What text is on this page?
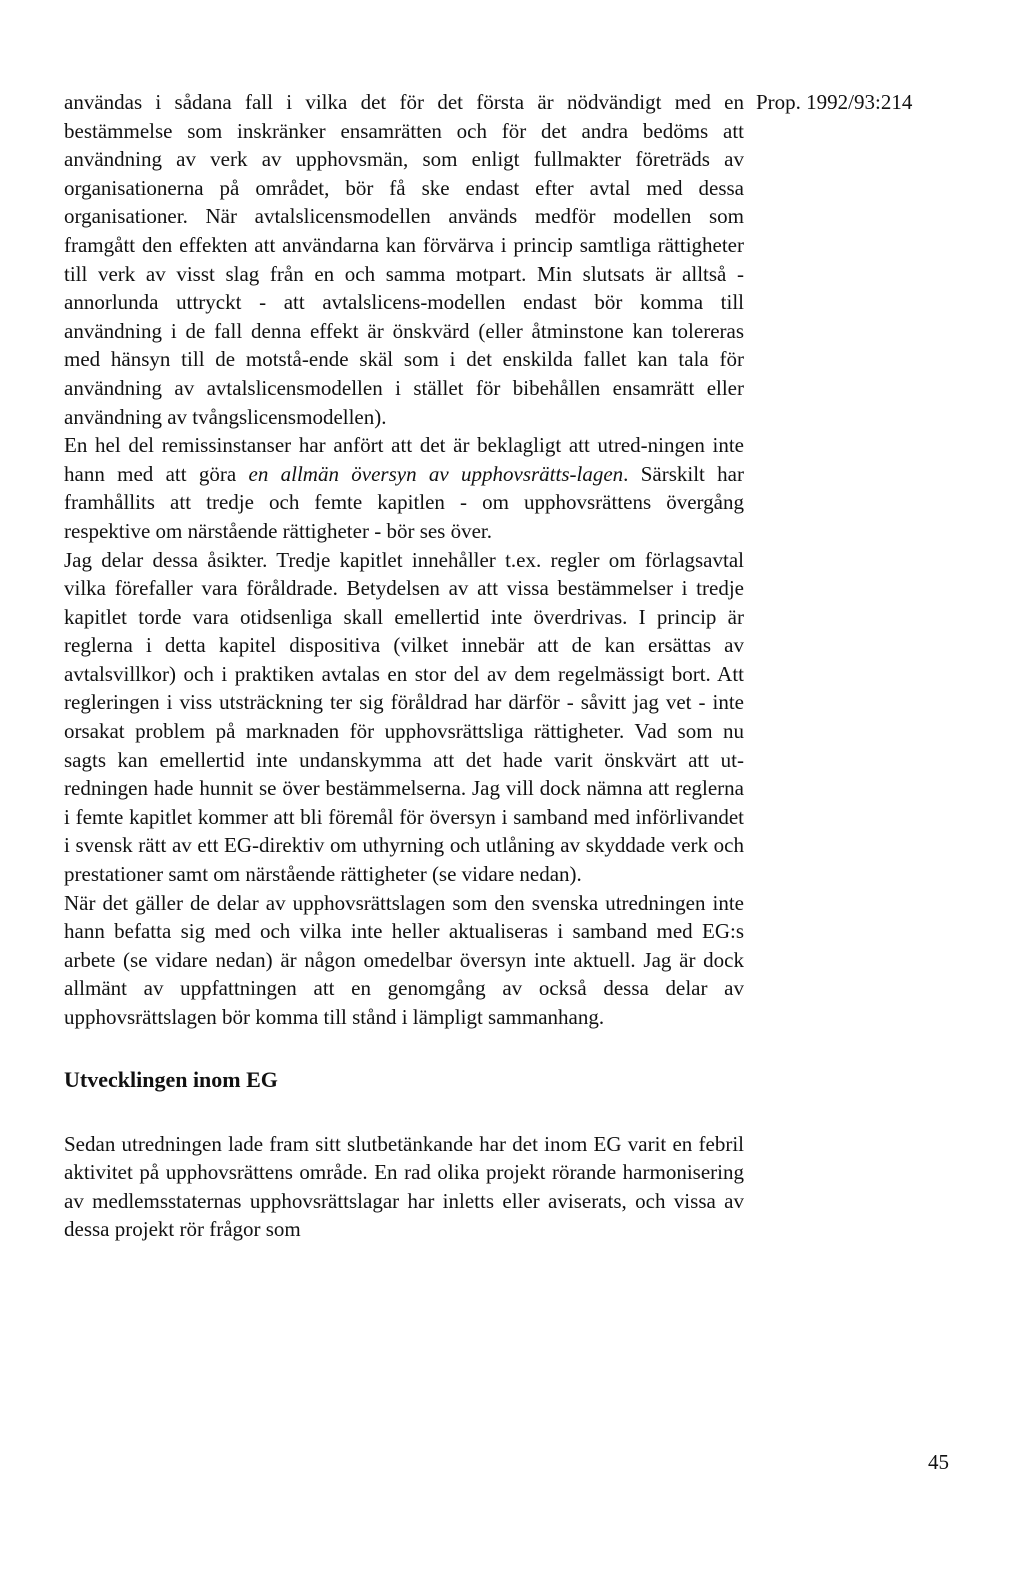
Prop. 1992/93:214

användas i sådana fall i vilka det för det första är nödvändigt med en bestämmelse som inskränker ensamrätten och för det andra bedöms att användning av verk av upphovsmän, som enligt fullmakter företräds av organisationerna på området, bör få ske endast efter avtal med dessa organisationer. När avtalslicensmodellen används medför modellen som framgått den effekten att användarna kan förvärva i princip samtliga rättigheter till verk av visst slag från en och samma motpart. Min slutsats är alltså - annorlunda uttryckt - att avtalslicens-modellen endast bör komma till användning i de fall denna effekt är önskvärd (eller åtminstone kan tolereras med hänsyn till de motstå-ende skäl som i det enskilda fallet kan tala för användning av avtalslicensmodellen i stället för bibehållen ensamrätt eller användning av tvångslicensmodellen).

En hel del remissinstanser har anfört att det är beklagligt att utred-ningen inte hann med att göra en allmän översyn av upphovsrätts-lagen. Särskilt har framhållits att tredje och femte kapitlen - om upphovsrättens övergång respektive om närstående rättigheter - bör ses över.

Jag delar dessa åsikter. Tredje kapitlet innehåller t.ex. regler om förlagsavtal vilka förefaller vara föråldrade. Betydelsen av att vissa bestämmelser i tredje kapitlet torde vara otidsenliga skall emellertid inte överdrivas. I princip är reglerna i detta kapitel dispositiva (vilket innebär att de kan ersättas av avtalsvillkor) och i praktiken avtalas en stor del av dem regelmässigt bort. Att regleringen i viss utsträckning ter sig föråldrad har därför - såvitt jag vet - inte orsakat problem på marknaden för upphovsrättsliga rättigheter. Vad som nu sagts kan emellertid inte undanskymma att det hade varit önskvärt att ut-redningen hade hunnit se över bestämmelserna. Jag vill dock nämna att reglerna i femte kapitlet kommer att bli föremål för översyn i samband med införlivandet i svensk rätt av ett EG-direktiv om uthyrning och utlåning av skyddade verk och prestationer samt om närstående rättigheter (se vidare nedan).

När det gäller de delar av upphovsrättslagen som den svenska utredningen inte hann befatta sig med och vilka inte heller aktualiseras i samband med EG:s arbete (se vidare nedan) är någon omedelbar översyn inte aktuell. Jag är dock allmänt av uppfattningen att en genomgång av också dessa delar av upphovsrättslagen bör komma till stånd i lämpligt sammanhang.

Utvecklingen inom EG

Sedan utredningen lade fram sitt slutbetänkande har det inom EG varit en febril aktivitet på upphovsrättens område. En rad olika projekt rörande harmonisering av medlemsstaternas upphovsrättslagar har inletts eller aviserats, och vissa av dessa projekt rör frågor som

45
